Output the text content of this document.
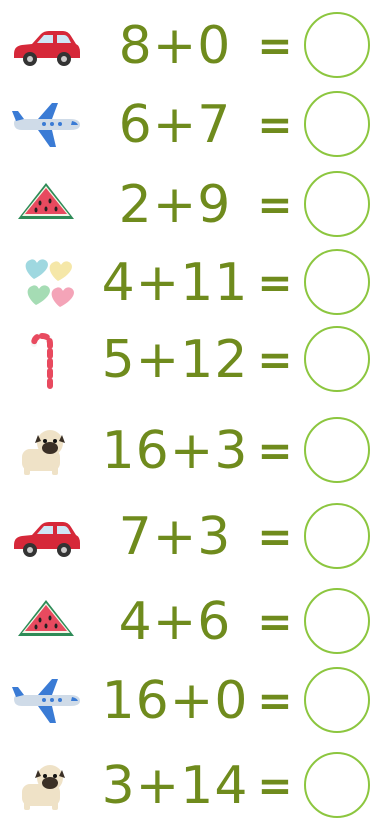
8+0 =
6+7 =
2+9 =
4+11 =
5+12 =
16+3 =
7+3 =
4+6 =
16+0 =
3+14 =
